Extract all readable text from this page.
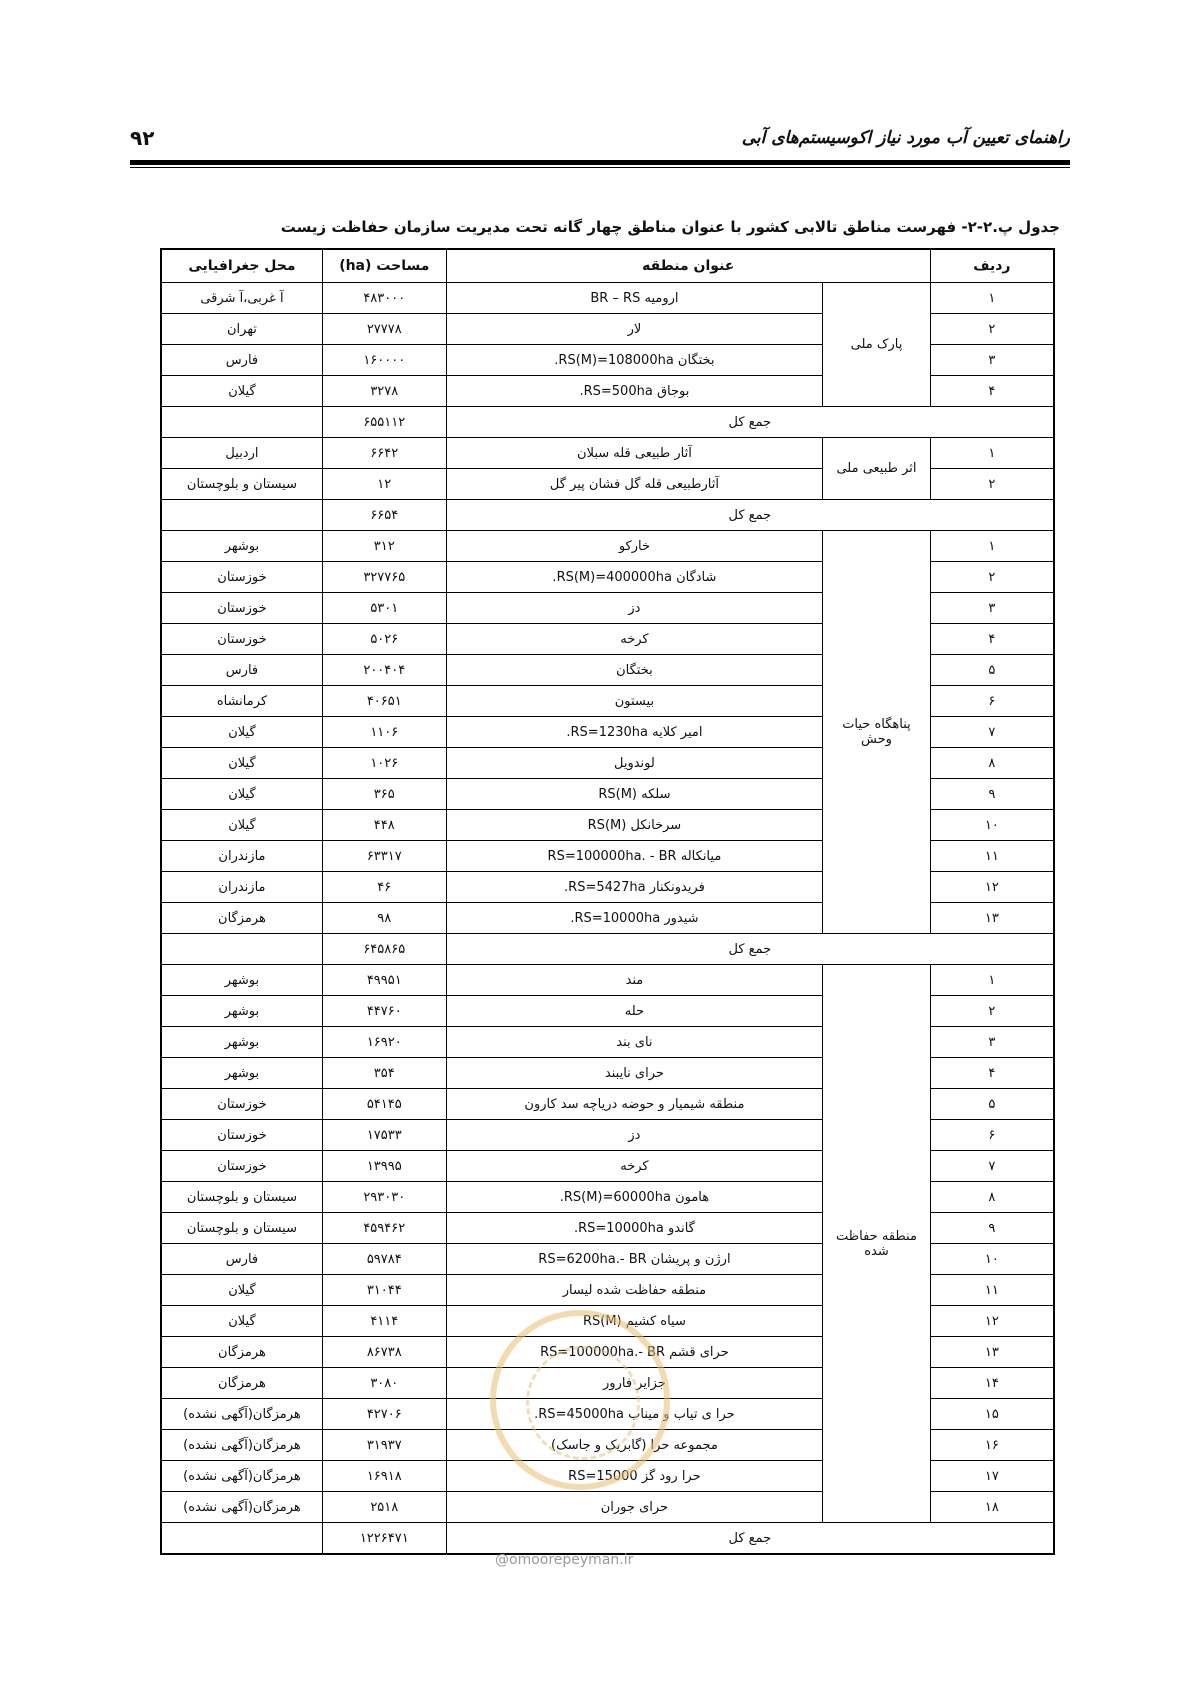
۹۲	راهنمای تعیین آب مورد نیاز اکوسیستم‌های آبی
جدول پ.۲-۲- فهرست مناطق تالابی کشور با عنوان مناطق چهار گانه تحت مدیریت سازمان حفاظت زیست
ردیف	عنوان منطقه		مساحت (ha)	محل جغرافیایی
۱	پارک ملی	ارومیه BR – RS	۴۸۳۰۰۰	آ غربی،آ شرقی
۲		لار	۲۷۷۷۸	تهران
۳		بختگان RS(M)=108000ha.	۱۶۰۰۰۰	فارس
۴		بوجاق RS=500ha.	۳۲۷۸	گیلان
جمع کل			۶۵۵۱۱۲	
۱	اثر طبیعی ملی	آثار طبیعی قله سبلان	۶۶۴۲	اردبیل
۲		آثارطبیعی قله گل فشان پیر گل	۱۲	سیستان و بلوچستان
جمع کل			۶۶۵۴	
۱	پناهگاه حیات وحش	خارکو	۳۱۲	بوشهر
۲		شادگان RS(M)=400000ha.	۳۲۷۷۶۵	خوزستان
۳		دز	۵۳۰۱	خوزستان
۴		کرخه	۵۰۲۶	خوزستان
۵		بختگان	۲۰۰۴۰۴	فارس
۶		بیستون	۴۰۶۵۱	کرمانشاه
۷		امیر کلایه RS=1230ha.	۱۱۰۶	گیلان
۸		لوندویل	۱۰۲۶	گیلان
۹		سلکه RS(M)	۳۶۵	گیلان
۱۰		سرخانکل RS(M)	۴۴۸	گیلان
۱۱		میانکاله RS=100000ha. - BR	۶۳۳۱۷	مازندران
۱۲		فریدونکنار RS=5427ha.	۴۶	مازندران
۱۳		شیدور RS=10000ha.	۹۸	هرمزگان
جمع کل			۶۴۵۸۶۵	
۱	منطقه حفاظت شده	مند	۴۹۹۵۱	بوشهر
۲		حله	۴۴۷۶۰	بوشهر
۳		نای بند	۱۶۹۲۰	بوشهر
۴		حرای نایبند	۳۵۴	بوشهر
۵		منطقه شیمیار و حوضه دریاچه سد کارون	۵۴۱۴۵	خوزستان
۶		دز	۱۷۵۳۳	خوزستان
۷		کرخه	۱۳۹۹۵	خوزستان
۸		هامون RS(M)=60000ha.	۲۹۳۰۳۰	سیستان و بلوچستان
۹		گاندو RS=10000ha.	۴۵۹۴۶۲	سیستان و بلوچستان
۱۰		ارژن و پریشان RS=6200ha.- BR	۵۹۷۸۴	فارس
۱۱		منطقه حفاظت شده لیسار	۳۱۰۴۴	گیلان
۱۲		سیاه کشیم RS(M)	۴۱۱۴	گیلان
۱۳		حرای قشم RS=100000ha.- BR	۸۶۷۳۸	هرمزگان
۱۴		جزایر فارور	۳۰۸۰	هرمزگان
۱۵		حرا ی تیاب و میناب RS=45000ha.	۴۲۷۰۶	هرمزگان(آگهی نشده)
۱۶		مجموعه حرا (گابریک و جاسک)	۳۱۹۳۷	هرمزگان(آگهی نشده)
۱۷		حرا رود گز RS=15000	۱۶۹۱۸	هرمزگان(آگهی نشده)
۱۸		حرای جوران	۲۵۱۸	هرمزگان(آگهی نشده)
جمع کل			۱۲۲۶۴۷۱	
@omoorepeyman.ir
